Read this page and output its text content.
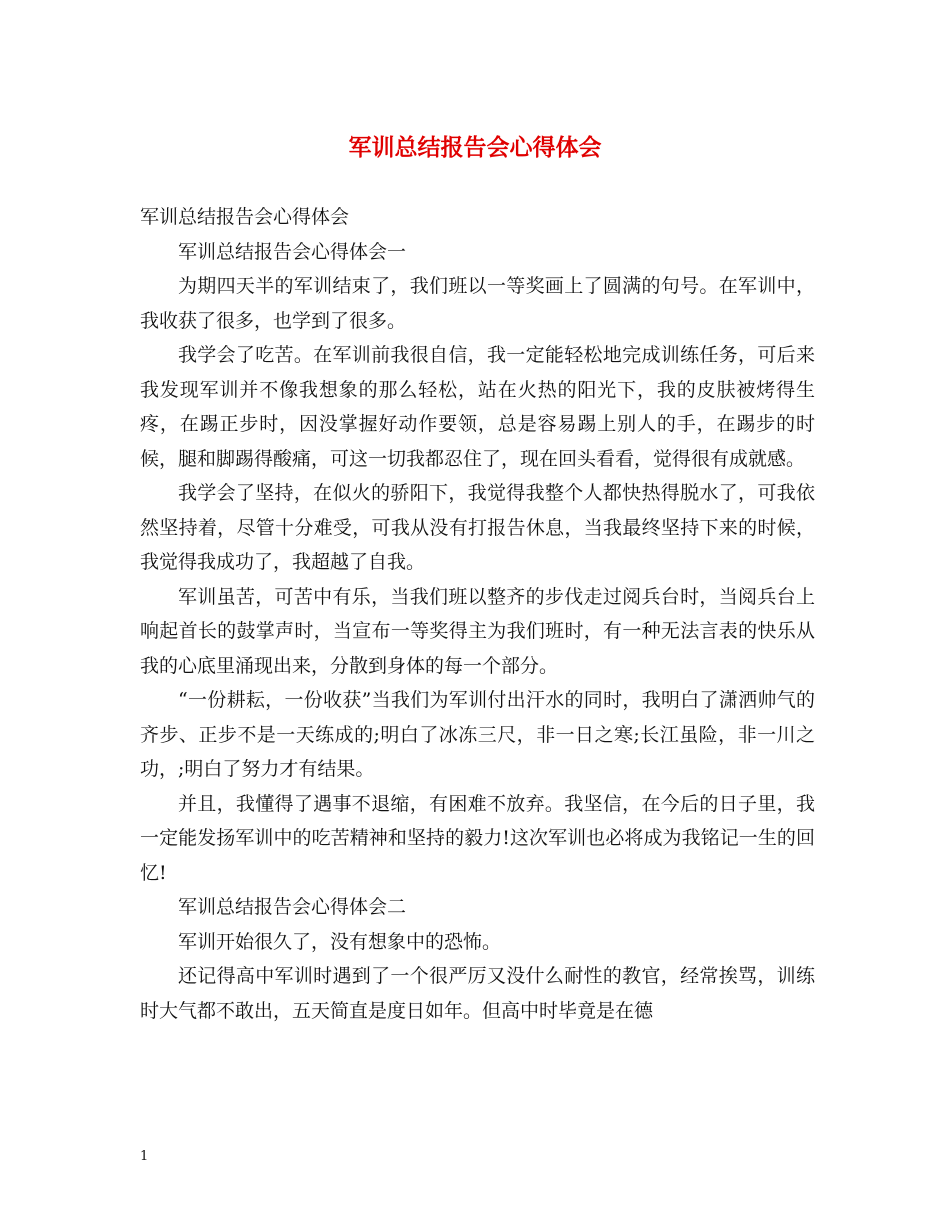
军训总结报告会心得体会

军训总结报告会心得体会

军训总结报告会心得体会一

为期四天半的军训结束了，我们班以一等奖画上了圆满的句号。在军训中，我收获了很多，也学到了很多。

我学会了吃苦。在军训前我很自信，我一定能轻松地完成训练任务，可后来我发现军训并不像我想象的那么轻松，站在火热的阳光下，我的皮肤被烤得生疼，在踢正步时，因没掌握好动作要领，总是容易踢上别人的手，在踢步的时候，腿和脚踢得酸痛，可这一切我都忍住了，现在回头看看，觉得很有成就感。

我学会了坚持，在似火的骄阳下，我觉得我整个人都快热得脱水了，可我依然坚持着，尽管十分难受，可我从没有打报告休息，当我最终坚持下来的时候，我觉得我成功了，我超越了自我。

军训虽苦，可苦中有乐，当我们班以整齐的步伐走过阅兵台时，当阅兵台上响起首长的鼓掌声时，当宣布一等奖得主为我们班时，有一种无法言表的快乐从我的心底里涌现出来，分散到身体的每一个部分。

“一份耕耘，一份收获”当我们为军训付出汗水的同时，我明白了潇洒帅气的齐步、正步不是一天练成的;明白了冰冻三尺，非一日之寒;长江虽险，非一川之功，;明白了努力才有结果。

并且，我懂得了遇事不退缩，有困难不放弃。我坚信，在今后的日子里，我一定能发扬军训中的吃苦精神和坚持的毅力!这次军训也必将成为我铭记一生的回忆!

军训总结报告会心得体会二

军训开始很久了，没有想象中的恐怖。

还记得高中军训时遇到了一个很严厉又没什么耐性的教官，经常挨骂，训练时大气都不敢出，五天简直是度日如年。但高中时毕竟是在德

1
